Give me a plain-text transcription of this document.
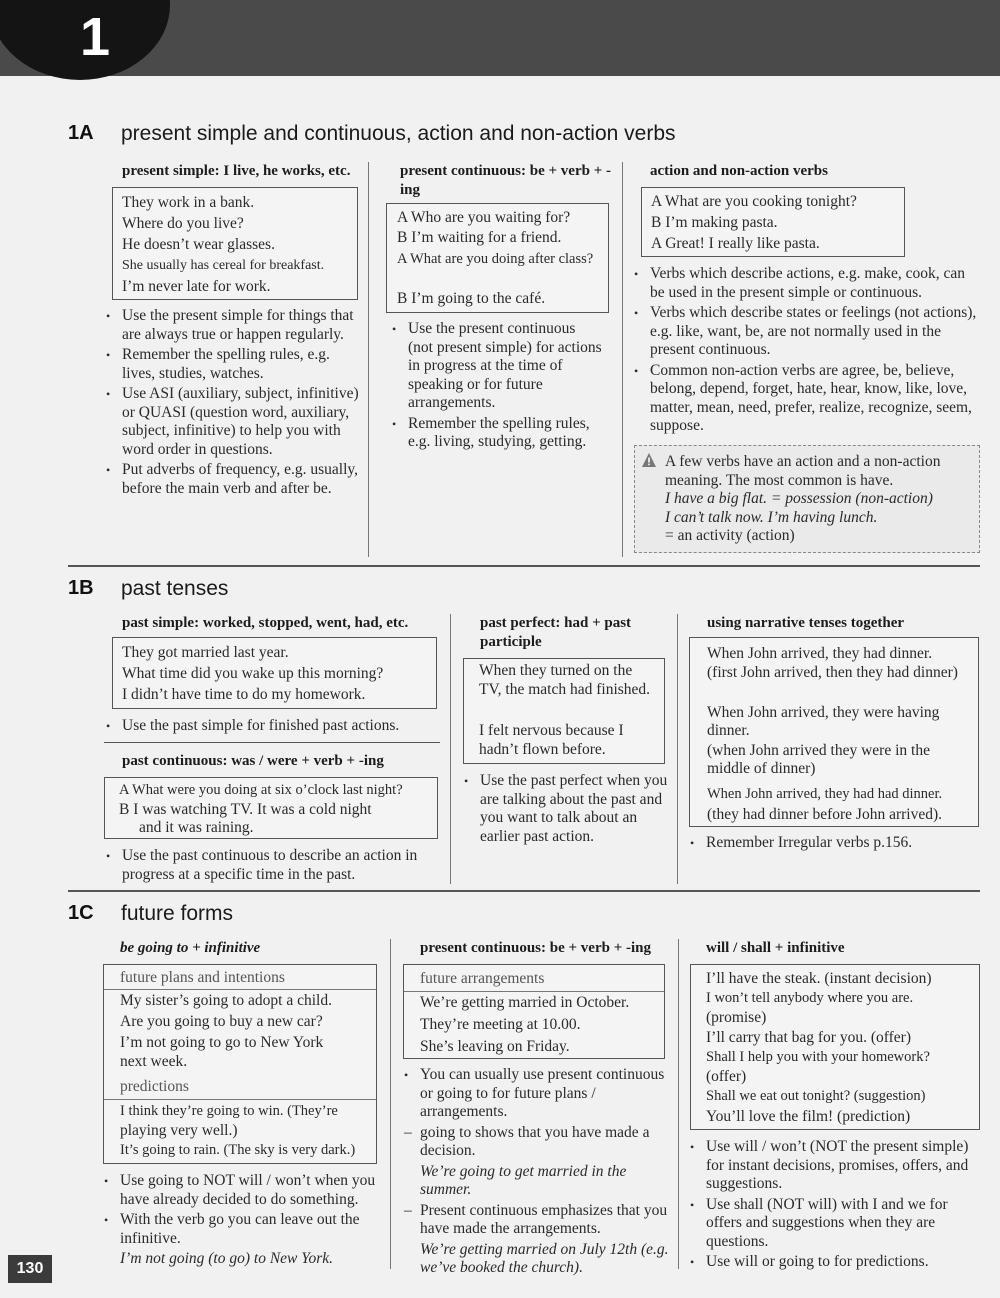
1
1A present simple and continuous, action and non-action verbs
present simple: I live, he works, etc.
They work in a bank.
Where do you live?
He doesn’t wear glasses.
She usually has cereal for breakfast.
I’m never late for work.

• Use the present simple for things that are always true or happen regularly.

• Remember the spelling rules, e.g. lives, studies, watches.

• Use ASI (auxiliary, subject, infinitive) or QUASI (question word, auxiliary, subject, infinitive) to help you with word order in questions.

• Put adverbs of frequency, e.g. usually, before the main verb and after be.

present continuous: be + verb + -ing
A Who are you waiting for?
B I’m waiting for a friend.
A What are you doing after class?
B I’m going to the café.

• Use the present continuous (not present simple) for actions in progress at the time of speaking or for future arrangements.

• Remember the spelling rules, e.g. living, studying, getting.

action and non-action verbs
A What are you cooking tonight?
B I’m making pasta.
A Great! I really like pasta.

• Verbs which describe actions, e.g. make, cook, can be used in the present simple or continuous.

• Verbs which describe states or feelings (not actions), e.g. like, want, be, are not normally used in the present continuous.

• Common non-action verbs are agree, be, believe, belong, depend, forget, hate, hear, know, like, love, matter, mean, need, prefer, realize, recognize, seem, suppose.

A few verbs have an action and a non-action meaning. The most common is have.
I have a big flat. = possession (non-action)
I can’t talk now. I’m having lunch.
= an activity (action)
1B past tenses
past simple: worked, stopped, went, had, etc.
They got married last year.
What time did you wake up this morning?
I didn’t have time to do my homework.

• Use the past simple for finished past actions.

past continuous: was / were + verb + -ing
A What were you doing at six o’clock last night?
B I was watching TV. It was a cold night
and it was raining.

• Use the past continuous to describe an action in progress at a specific time in the past.

past perfect: had + past participle
When they turned on the TV, the match had finished.
I felt nervous because I hadn’t flown before.

• Use the past perfect when you are talking about the past and you want to talk about an earlier past action.

using narrative tenses together
When John arrived, they had dinner.
(first John arrived, then they had dinner)
When John arrived, they were having dinner.
(when John arrived they were in the middle of dinner)
When John arrived, they had had dinner.
(they had dinner before John arrived).

• Remember Irregular verbs p.156.

1C future forms
be going to + infinitive
future plans and intentions
My sister’s going to adopt a child.
Are you going to buy a new car?
I’m not going to go to New York
next week.
predictions
I think they’re going to win. (They’re
playing very well.)
It’s going to rain. (The sky is very dark.)

• Use going to NOT will / won’t when you have already decided to do something.

• With the verb go you can leave out the infinitive.

I’m not going (to go) to New York.

present continuous: be + verb + -ing
future arrangements
We’re getting married in October.
They’re meeting at 10.00.
She’s leaving on Friday.

• You can usually use present continuous or going to for future plans / arrangements.

– going to shows that you have made a decision.

We’re going to get married in the summer.

– Present continuous emphasizes that you have made the arrangements.

We’re getting married on July 12th (e.g. we’ve booked the church).

will / shall + infinitive
I’ll have the steak. (instant decision)
I won’t tell anybody where you are.
(promise)
I’ll carry that bag for you. (offer)
Shall I help you with your homework?
(offer)
Shall we eat out tonight? (suggestion)
You’ll love the film! (prediction)

• Use will / won’t (NOT the present simple) for instant decisions, promises, offers, and suggestions.

• Use shall (NOT will) with I and we for offers and suggestions when they are questions.

• Use will or going to for predictions.

130
